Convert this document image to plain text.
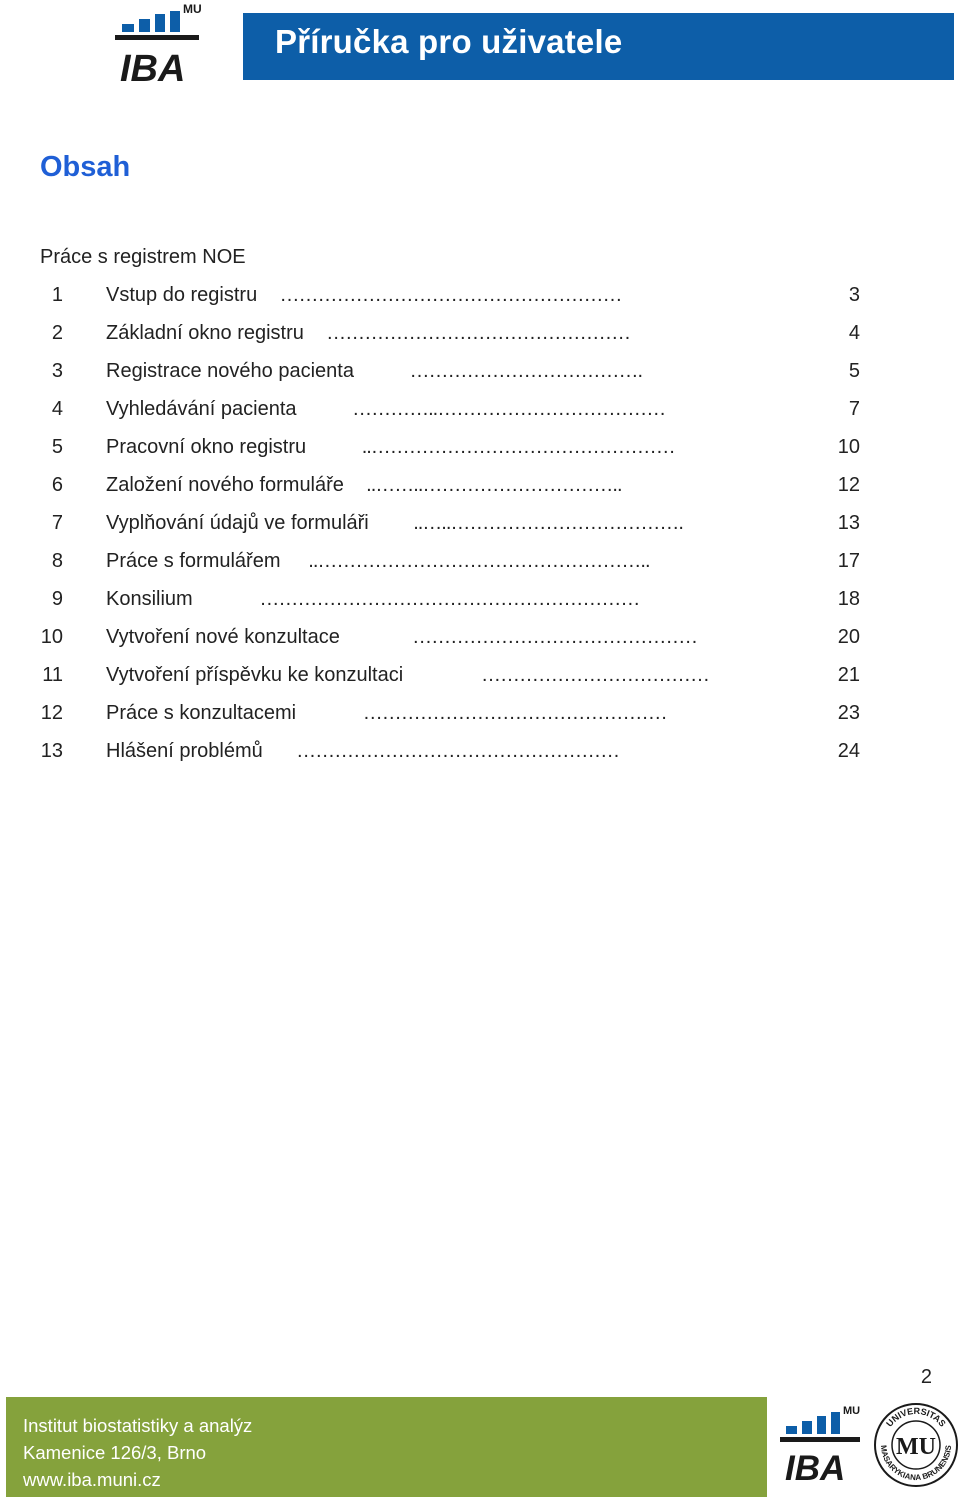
MU
IBA
Příručka pro uživatele
Obsah
Práce s registrem NOE
1 Vstup do registru ………………………………………………	3
2 Základní okno registru …………………………………………	4
3 Registrace nového pacienta	……………………………….	5
4 Vyhledávání pacienta	…………..………………………………	7
5 Pracovní okno registru	..…………………………………………	10
6 Založení nového formuláře ..……..…………………………..	12
7 Vyplňování údajů ve formuláři ..…..……………………………….	13
8 Práce s formulářem ..……………………………………………..	17
9 Konsilium	……………………………………………………	18
10 Vytvoření nové konzultace	………………………………………	20
11 Vytvoření příspěvku ke konzultaci	………………………………	21
12 Práce s konzultacemi	…………………………………………	23
13 Hlášení problémů ……………………………………………	24
2
Institut biostatistiky a analýz
Kamenice 126/3, Brno
www.iba.muni.cz
MU
IBA
UNIVERSITAS
MASARYKIANA BRUNENSIS
MU
